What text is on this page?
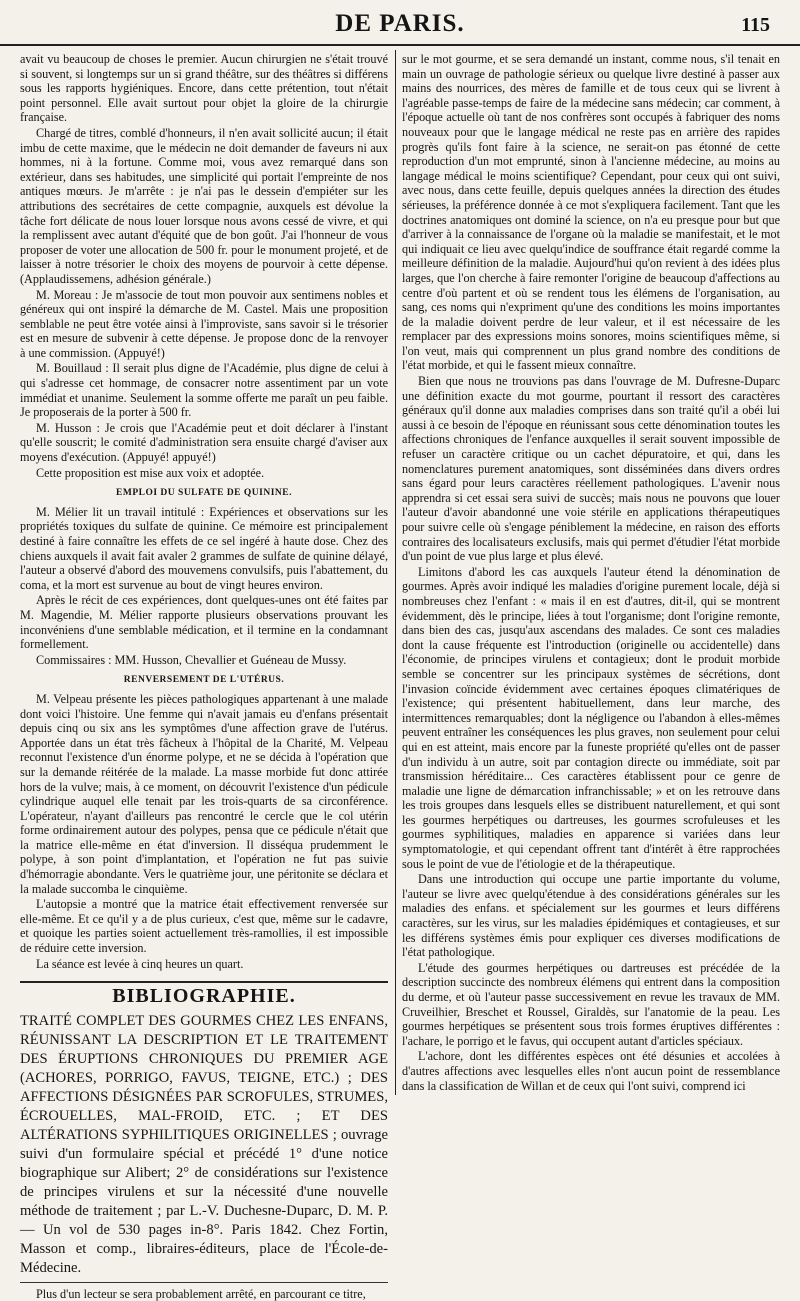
DE PARIS.	115

avait vu beaucoup de choses le premier. Aucun chirurgien ne s'était trouvé si souvent, si longtemps sur un si grand théâtre, sur des théâtres si différens sous les rapports hygiéniques. Encore, dans cette prétention, tout n'était point personnel. Elle avait surtout pour objet la gloire de la chirurgie française.

Chargé de titres, comblé d'honneurs, il n'en avait sollicité aucun; il était imbu de cette maxime, que le médecin ne doit demander de faveurs ni aux hommes, ni à la fortune. Comme moi, vous avez remarqué dans son extérieur, dans ses habitudes, une simplicité qui portait l'empreinte de nos antiques mœurs. Je m'arrête : je n'ai pas le dessein d'empiéter sur les attributions des secrétaires de cette compagnie, auxquels est dévolue la tâche fort délicate de nous louer lorsque nous avons cessé de vivre, et qui la remplissent avec autant d'équité que de bon goût. J'ai l'honneur de vous proposer de voter une allocation de 500 fr. pour le monument projeté, et de laisser à notre trésorier le choix des moyens de pourvoir à cette dépense. (Applaudissemens, adhésion générale.)

M. Moreau : Je m'associe de tout mon pouvoir aux sentimens nobles et généreux qui ont inspiré la démarche de M. Castel. Mais une proposition semblable ne peut être votée ainsi à l'improviste, sans savoir si le trésorier est en mesure de subvenir à cette dépense. Je propose donc de la renvoyer à une commission. (Appuyé!)

M. Bouillaud : Il serait plus digne de l'Académie, plus digne de celui à qui s'adresse cet hommage, de consacrer notre assentiment par un vote immédiat et unanime. Seulement la somme offerte me paraît un peu faible. Je proposerais de la porter à 500 fr.

M. Husson : Je crois que l'Académie peut et doit déclarer à l'instant qu'elle souscrit; le comité d'administration sera ensuite chargé d'aviser aux moyens d'exécution. (Appuyé! appuyé!)

Cette proposition est mise aux voix et adoptée.

EMPLOI DU SULFATE DE QUININE.

M. Mélier lit un travail intitulé : Expériences et observations sur les propriétés toxiques du sulfate de quinine. Ce mémoire est principalement destiné à faire connaître les effets de ce sel ingéré à haute dose. Chez des chiens auxquels il avait fait avaler 2 grammes de sulfate de quinine délayé, l'auteur a observé d'abord des mouvemens convulsifs, puis l'abattement, du coma, et la mort est survenue au bout de vingt heures environ.

Après le récit de ces expériences, dont quelques-unes ont été faites par M. Magendie, M. Mélier rapporte plusieurs observations prouvant les inconvéniens d'une semblable médication, et il termine en la condamnant formellement.

Commissaires : MM. Husson, Chevallier et Guéneau de Mussy.

RENVERSEMENT DE L'UTÉRUS.

M. Velpeau présente les pièces pathologiques appartenant à une malade dont voici l'histoire. Une femme qui n'avait jamais eu d'enfans présentait depuis cinq ou six ans les symptômes d'une affection grave de l'utérus. Apportée dans un état très fâcheux à l'hôpital de la Charité, M. Velpeau reconnut l'existence d'un énorme polype, et ne se décida à l'opération que sur la demande réitérée de la malade. La masse morbide fut donc attirée hors de la vulve; mais, à ce moment, on découvrit l'existence d'un pédicule cylindrique auquel elle tenait par les trois-quarts de sa circonférence. L'opérateur, n'ayant d'ailleurs pas rencontré le cercle que le col utérin forme ordinairement autour des polypes, pensa que ce pédicule n'était que la matrice elle-même en état d'inversion. Il disséqua prudemment le polype, à son point d'implantation, et l'opération ne fut pas suivie d'hémorragie abondante. Vers le quatrième jour, une péritonite se déclara et la malade succomba le cinquième.

L'autopsie a montré que la matrice était effectivement renversée sur elle-même. Et ce qu'il y a de plus curieux, c'est que, même sur le cadavre, et quoique les parties soient actuellement très-ramollies, il est impossible de réduire cette inversion.

La séance est levée à cinq heures un quart.

BIBLIOGRAPHIE.

TRAITÉ COMPLET DES GOURMES CHEZ LES ENFANS, RÉUNISSANT LA DESCRIPTION ET LE TRAITEMENT DES ÉRUPTIONS CHRONIQUES DU PREMIER AGE (ACHORES, PORRIGO, FAVUS, TEIGNE, ETC.) ; DES AFFECTIONS DÉSIGNÉES PAR SCROFULES, STRUMES, ÉCROUELLES, MAL-FROID, ETC. ; ET DES ALTÉRATIONS SYPHILITIQUES ORIGINELLES ; ouvrage suivi d'un formulaire spécial et précédé 1° d'une notice biographique sur Alibert; 2° de considérations sur l'existence de principes virulens et sur la nécessité d'une nouvelle méthode de traitement ; par L.-V. Duchesne-Duparc, D. M. P. — Un vol de 530 pages in-8°. Paris 1842. Chez Fortin, Masson et comp., libraires-éditeurs, place de l'École-de-Médecine.

Plus d'un lecteur se sera probablement arrêté, en parcourant ce titre,

sur le mot gourme, et se sera demandé un instant, comme nous, s'il tenait en main un ouvrage de pathologie sérieux ou quelque livre destiné à passer aux mains des nourrices, des mères de famille et de tous ceux qui se livrent à l'agréable passe-temps de faire de la médecine sans médecin; car comment, à l'époque actuelle où tant de nos confrères sont occupés à fabriquer des noms nouveaux pour que le langage médical ne reste pas en arrière des rapides progrès qu'ils font faire à la science, ne serait-on pas étonné de cette reproduction d'un mot emprunté, sinon à l'ancienne médecine, au moins au langage médical le moins scientifique? Cependant, pour ceux qui ont suivi, avec nous, dans cette feuille, depuis quelques années la direction des études sérieuses, la préférence donnée à ce mot s'expliquera facilement. Tant que les doctrines anatomiques ont dominé la science, on n'a eu presque pour but que d'arriver à la connaissance de l'organe où la maladie se manifestait, et le mot qui indiquait ce lieu avec quelqu'indice de souffrance était regardé comme la meilleure définition de la maladie. Aujourd'hui qu'on revient à des idées plus larges, que l'on cherche à faire remonter l'origine de beaucoup d'affections au centre d'où partent et où se rendent tous les élémens de l'organisation, au sang, ces noms qui n'expriment qu'une des conditions les moins importantes de la maladie doivent perdre de leur valeur, et il est nécessaire de les remplacer par des expressions moins sonores, moins scientifiques même, si l'on veut, mais qui comprennent un plus grand nombre des conditions de l'état morbide, et qui le fassent mieux connaître.

Bien que nous ne trouvions pas dans l'ouvrage de M. Dufresne-Duparc une définition exacte du mot gourme, pourtant il ressort des caractères généraux qu'il donne aux maladies comprises dans son traité qu'il a obéi lui aussi à ce besoin de l'époque en réunissant sous cette dénomination toutes les affections chroniques de l'enfance auxquelles il serait souvent impossible de refuser un caractère critique ou un cachet dépuratoire, et qui, dans les nomenclatures purement anatomiques, sont disséminées dans divers ordres sans égard pour leurs caractères réellement pathologiques. L'avenir nous apprendra si cet essai sera suivi de succès; mais nous ne pouvons que louer l'auteur d'avoir abandonné une voie stérile en applications thérapeutiques pour suivre celle où s'engage péniblement la médecine, en raison des efforts contraires des localisateurs exclusifs, mais qui permet d'étudier l'état morbide d'un point de vue plus large et plus élevé.

Limitons d'abord les cas auxquels l'auteur étend la dénomination de gourmes. Après avoir indiqué les maladies d'origine purement locale, déjà si nombreuses chez l'enfant : « mais il en est d'autres, dit-il, qui se montrent évidemment, dès le principe, liées à tout l'organisme; dont l'origine remonte, dans bien des cas, jusqu'aux ascendans des malades. Ce sont ces maladies dont la cause fréquente est l'introduction (originelle ou accidentelle) dans l'économie, de principes virulens et contagieux; dont le produit morbide semble se concentrer sur les principaux systèmes de sécrétions, dont l'invasion coïncide évidemment avec certaines époques climatériques de l'existence; qui présentent habituellement, dans leur marche, des intermittences remarquables; dont la négligence ou l'abandon à elles-mêmes peuvent entraîner les conséquences les plus graves, non seulement pour celui qui en est atteint, mais encore par la funeste propriété qu'elles ont de passer d'un individu à un autre, soit par contagion directe ou immédiate, soit par transmission héréditaire... Ces caractères établissent pour ce genre de maladie une ligne de démarcation infranchissable; » et on les retrouve dans les trois groupes dans lesquels elles se distribuent naturellement, et qui sont les gourmes herpétiques ou dartreuses, les gourmes scrofuleuses et les gourmes syphilitiques, maladies en apparence si variées dans leur symptomatologie, et qui cependant offrent tant d'intérêt à être rapprochées sous le point de vue de l'étiologie et de la thérapeutique.

Dans une introduction qui occupe une partie importante du volume, l'auteur se livre avec quelqu'étendue à des considérations générales sur les maladies des enfans. et spécialement sur les gourmes et leurs différens caractères, sur les virus, sur les maladies épidémiques et contagieuses, et sur les différens systèmes émis pour expliquer ces diverses modifications de l'état pathologique.

L'étude des gourmes herpétiques ou dartreuses est précédée de la description succincte des nombreux élémens qui entrent dans la composition du derme, et où l'auteur passe successivement en revue les travaux de MM. Cruveilhier, Breschet et Roussel, Giraldès, sur l'anatomie de la peau. Les gourmes herpétiques se présentent sous trois formes éruptives différentes : l'achare, le porrigo et le favus, qui occupent autant d'articles spéciaux.

L'achore, dont les différentes espèces ont été désunies et accolées à d'autres affections avec lesquelles elles n'ont aucun point de ressemblance dans la classification de Willan et de ceux qui l'ont suivi, comprend ici
